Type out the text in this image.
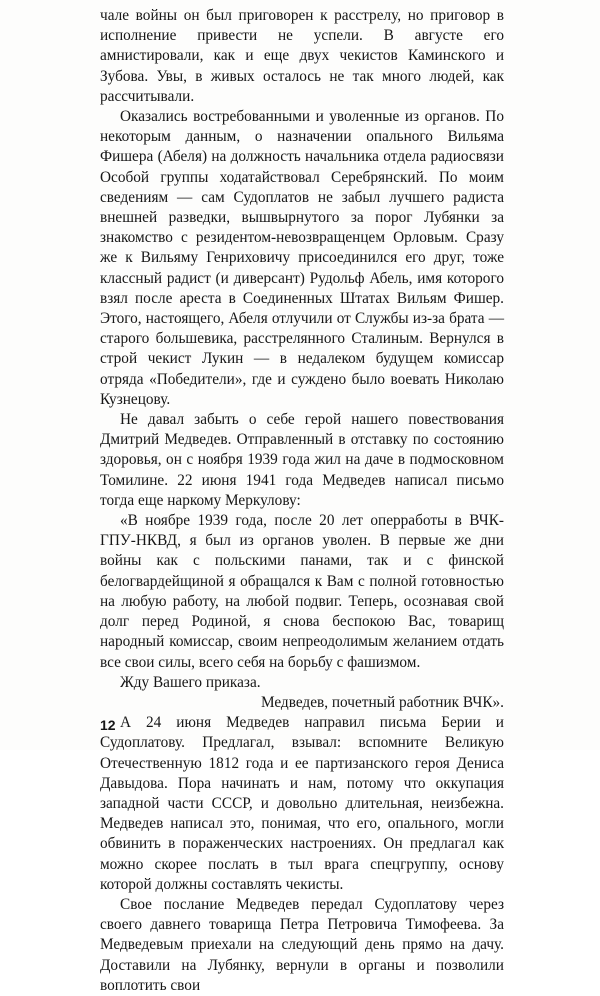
чале войны он был приговорен к расстрелу, но приговор в исполнение привести не успели. В августе его амнистировали, как и еще двух чекистов Каминского и Зубова. Увы, в живых осталось не так много людей, как рассчитывали.

Оказались востребованными и уволенные из органов. По некоторым данным, о назначении опального Вильяма Фишера (Абеля) на должность начальника отдела радиосвязи Особой группы ходатайствовал Серебрянский. По моим сведениям — сам Судоплатов не забыл лучшего радиста внешней разведки, вышвырнутого за порог Лубянки за знакомство с резидентом-невозвращенцем Орловым. Сразу же к Вильяму Генриховичу присоединился его друг, тоже классный радист (и диверсант) Рудольф Абель, имя которого взял после ареста в Соединенных Штатах Вильям Фишер. Этого, настоящего, Абеля отлучили от Службы из-за брата — старого большевика, расстрелянного Сталиным. Вернулся в строй чекист Лукин — в недалеком будущем комиссар отряда «Победители», где и суждено было воевать Николаю Кузнецову.

Не давал забыть о себе герой нашего повествования Дмитрий Медведев. Отправленный в отставку по состоянию здоровья, он с ноября 1939 года жил на даче в подмосковном Томилине. 22 июня 1941 года Медведев написал письмо тогда еще наркому Меркулову:

«В ноябре 1939 года, после 20 лет оперработы в ВЧК-ГПУ-НКВД, я был из органов уволен. В первые же дни войны как с польскими панами, так и с финской белогвардейщиной я обращался к Вам с полной готовностью на любую работу, на любой подвиг. Теперь, осознавая свой долг перед Родиной, я снова беспокою Вас, товарищ народный комиссар, своим непреодолимым желанием отдать все свои силы, всего себя на борьбу с фашизмом.

Жду Вашего приказа.

Медведев, почетный работник ВЧК».

А 24 июня Медведев направил письма Берии и Судоплатову. Предлагал, взывал: вспомните Великую Отечественную 1812 года и ее партизанского героя Дениса Давыдова. Пора начинать и нам, потому что оккупация западной части СССР, и довольно длительная, неизбежна. Медведев написал это, понимая, что его, опального, могли обвинить в пораженческих настроениях. Он предлагал как можно скорее послать в тыл врага спецгруппу, основу которой должны составлять чекисты.

Свое послание Медведев передал Судоплатову через своего давнего товарища Петра Петровича Тимофеева. За Медведевым приехали на следующий день прямо на дачу. Доставили на Лубянку, вернули в органы и позволили воплотить свои

12
